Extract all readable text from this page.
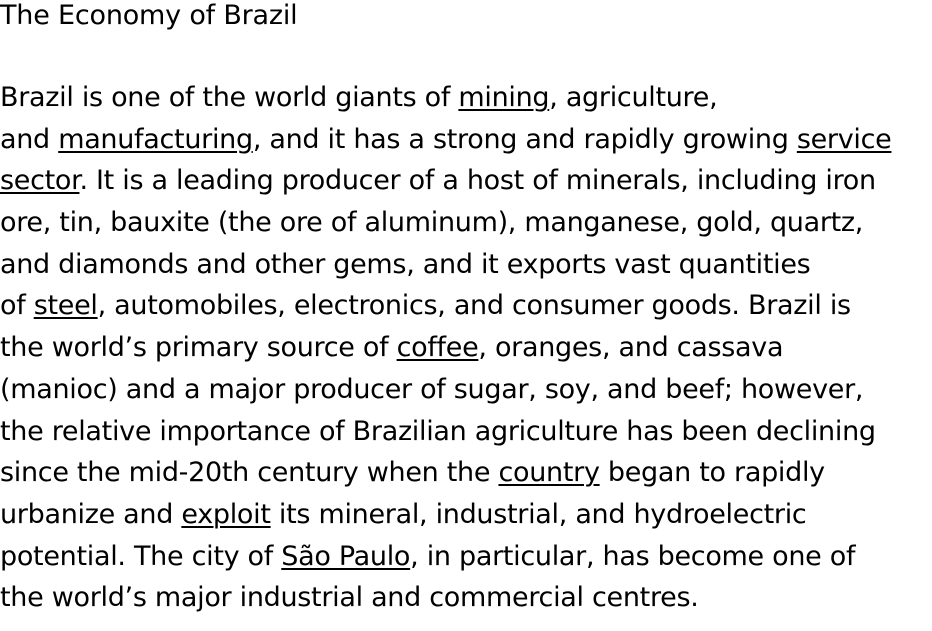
The Economy of Brazil
Brazil is one of the world giants of mining, agriculture,
and manufacturing, and it has a strong and rapidly growing service
sector. It is a leading producer of a host of minerals, including iron
ore, tin, bauxite (the ore of aluminum), manganese, gold, quartz,
and diamonds and other gems, and it exports vast quantities
of steel, automobiles, electronics, and consumer goods. Brazil is
the world’s primary source of coffee, oranges, and cassava
(manioc) and a major producer of sugar, soy, and beef; however,
the relative importance of Brazilian agriculture has been declining
since the mid-20th century when the country began to rapidly
urbanize and exploit its mineral, industrial, and hydroelectric
potential. The city of São Paulo, in particular, has become one of
the world’s major industrial and commercial centres.
